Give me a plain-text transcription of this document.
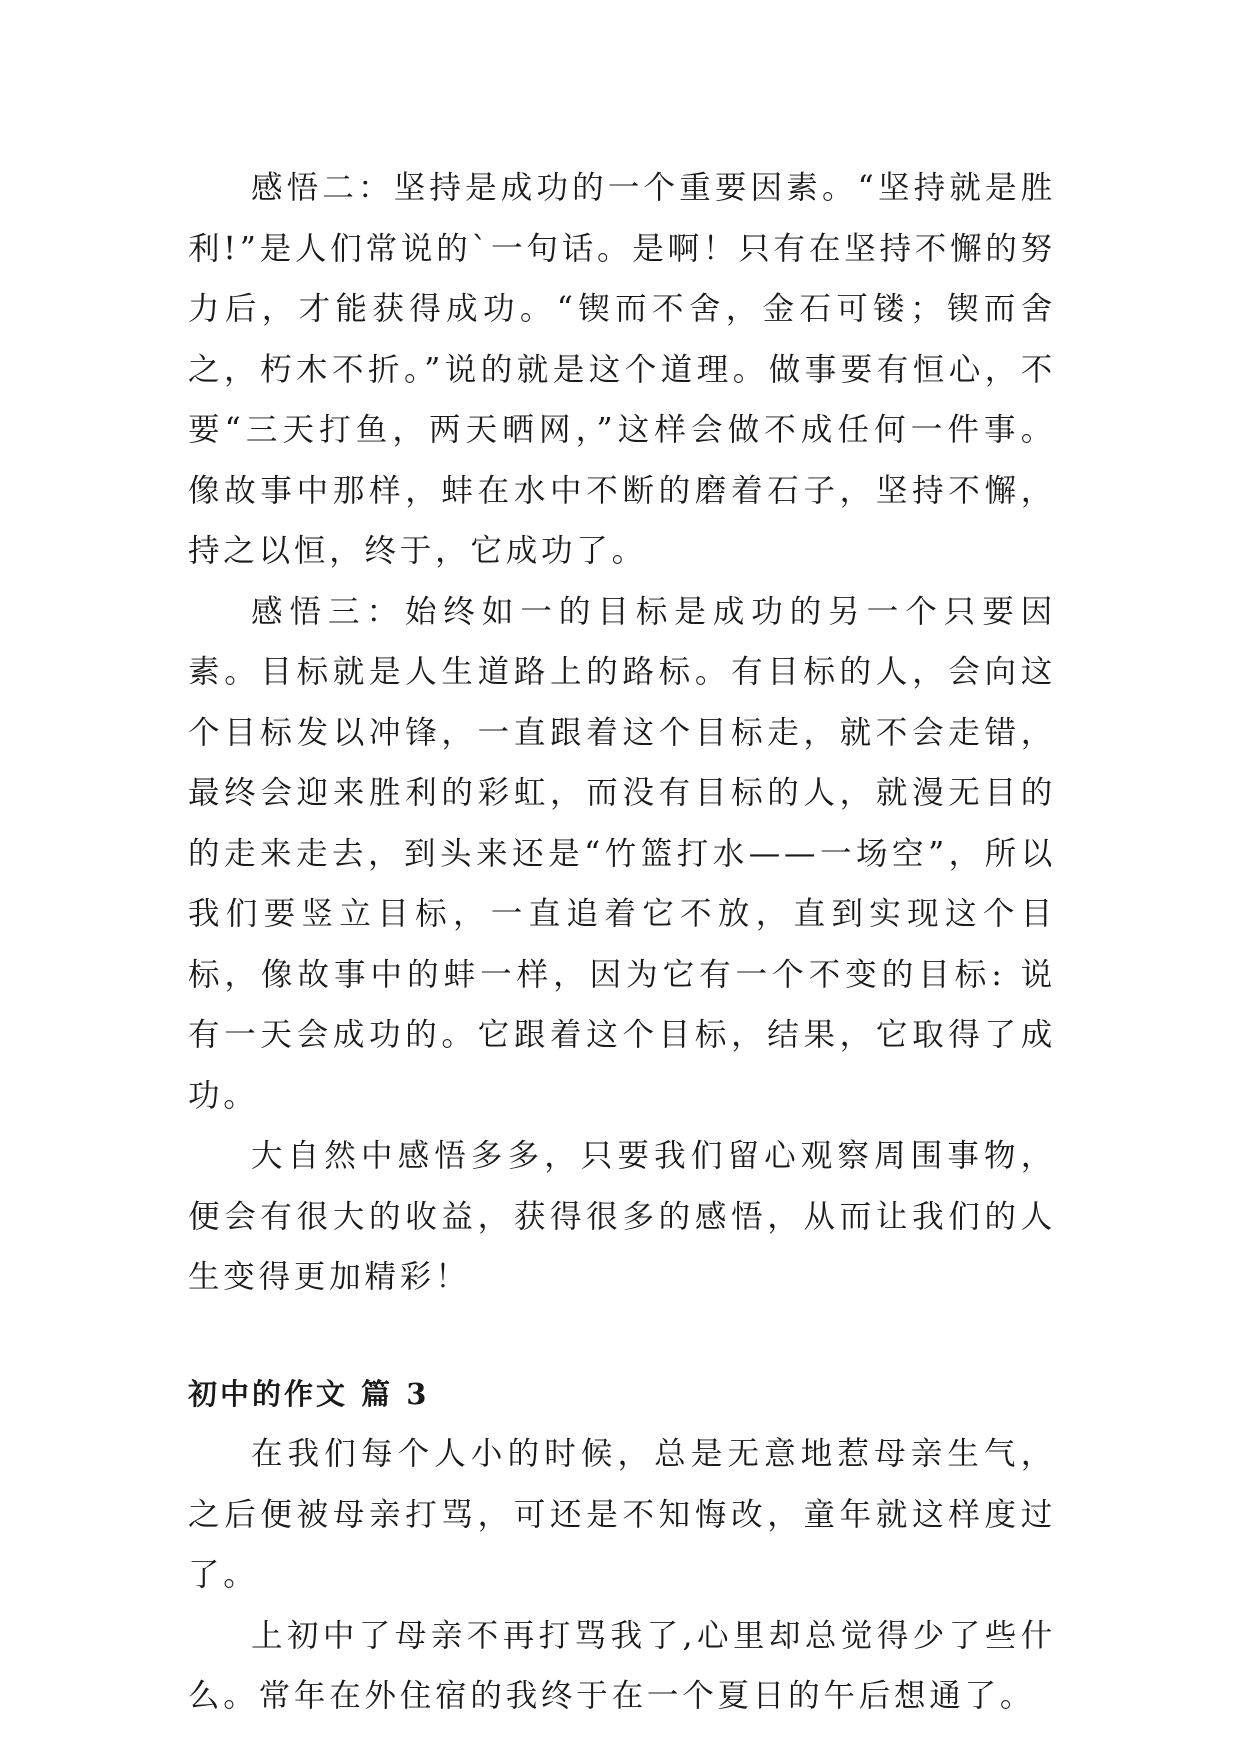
感悟二：坚持是成功的一个重要因素。“坚持就是胜利!”是人们常说的`一句话。是啊！只有在坚持不懈的努力后，才能获得成功。“锲而不舍，金石可镂；锲而舍之，朽木不折。”说的就是这个道理。做事要有恒心，不要“三天打鱼，两天晒网，”这样会做不成任何一件事。像故事中那样，蚌在水中不断的磨着石子，坚持不懈，持之以恒，终于，它成功了。

感悟三：始终如一的目标是成功的另一个只要因素。目标就是人生道路上的路标。有目标的人，会向这个目标发以冲锋，一直跟着这个目标走，就不会走错，最终会迎来胜利的彩虹，而没有目标的人，就漫无目的的走来走去，到头来还是“竹篮打水——一场空”，所以我们要竖立目标，一直追着它不放，直到实现这个目标，像故事中的蚌一样，因为它有一个不变的目标: 说有一天会成功的。它跟着这个目标，结果，它取得了成功。

大自然中感悟多多，只要我们留心观察周围事物，便会有很大的收益，获得很多的感悟，从而让我们的人生变得更加精彩！

初中的作文 篇 3

在我们每个人小的时候，总是无意地惹母亲生气，之后便被母亲打骂，可还是不知悔改，童年就这样度过了。

上初中了母亲不再打骂我了,心里却总觉得少了些什么。常年在外住宿的我终于在一个夏日的午后想通了。
